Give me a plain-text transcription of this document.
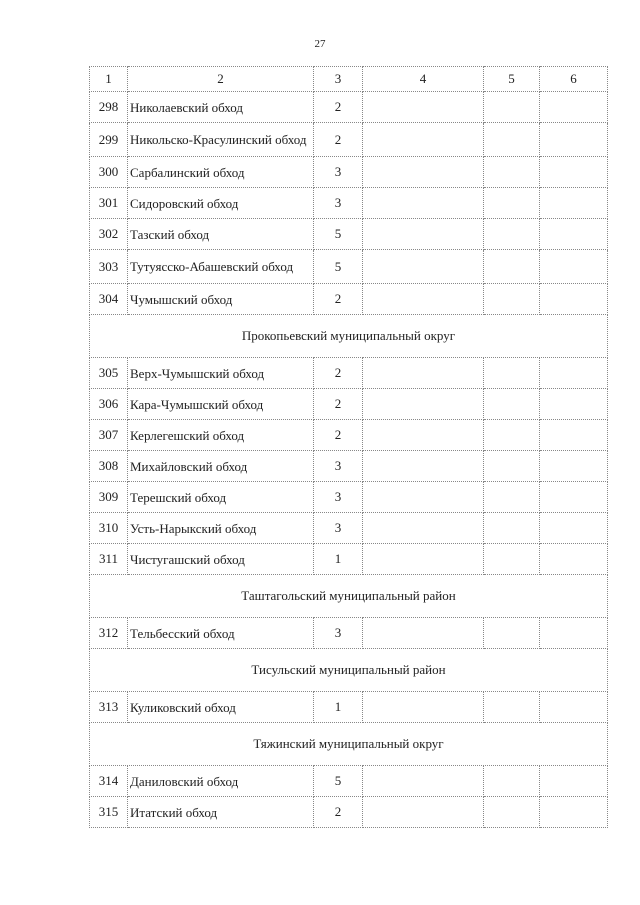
27
1	2	3	4	5	6
298	Николаевский обход	2			
299	Никольско-Красулинский обход	2			
300	Сарбалинский обход	3			
301	Сидоровский обход	3			
302	Тазский обход	5			
303	Тутуясско-Абашевский обход	5			
304	Чумышский обход	2			
Прокопьевский муниципальный округ					
305	Верх-Чумышский обход	2			
306	Кара-Чумышский обход	2			
307	Керлегешский обход	2			
308	Михайловский обход	3			
309	Терешский обход	3			
310	Усть-Нарыкский обход	3			
311	Чистугашский обход	1			
Таштагольский муниципальный район					
312	Тельбесский обход	3			
Тисульский муниципальный район					
313	Куликовский обход	1			
Тяжинский муниципальный округ					
314	Даниловский обход	5			
315	Итатский обход	2			
